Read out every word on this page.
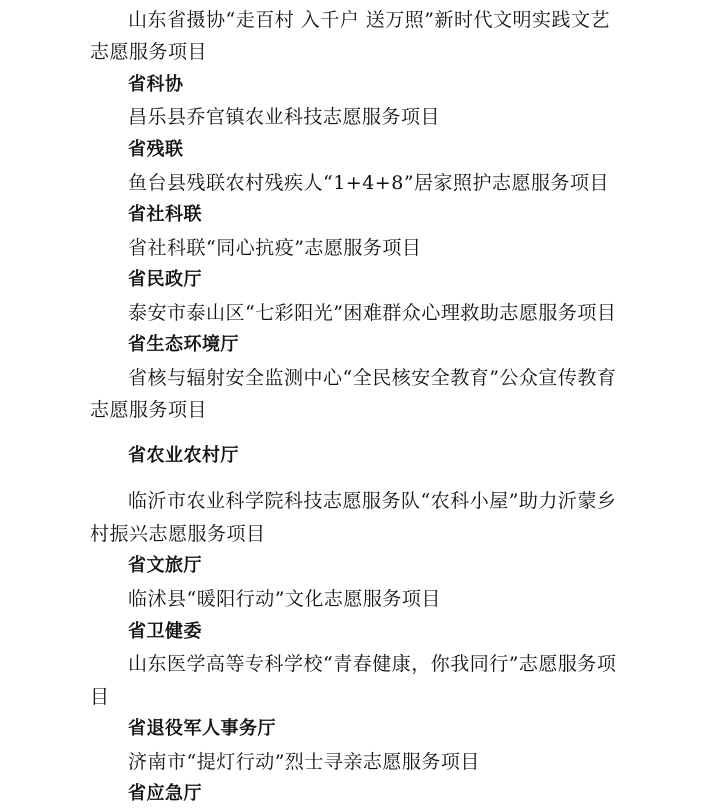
山东省摄协“走百村 入千户 送万照”新时代文明实践文艺
志愿服务项目
省科协
昌乐县乔官镇农业科技志愿服务项目
省残联
鱼台县残联农村残疾人“1+4+8”居家照护志愿服务项目
省社科联
省社科联“同心抗疫”志愿服务项目
省民政厅
泰安市泰山区“七彩阳光”困难群众心理救助志愿服务项目
省生态环境厅
省核与辐射安全监测中心“全民核安全教育”公众宣传教育
志愿服务项目
省农业农村厅
临沂市农业科学院科技志愿服务队“农科小屋”助力沂蒙乡
村振兴志愿服务项目
省文旅厅
临沭县“暖阳行动”文化志愿服务项目
省卫健委
山东医学高等专科学校“青春健康，你我同行”志愿服务项
目
省退役军人事务厅
济南市“提灯行动”烈士寻亲志愿服务项目
省应急厅
